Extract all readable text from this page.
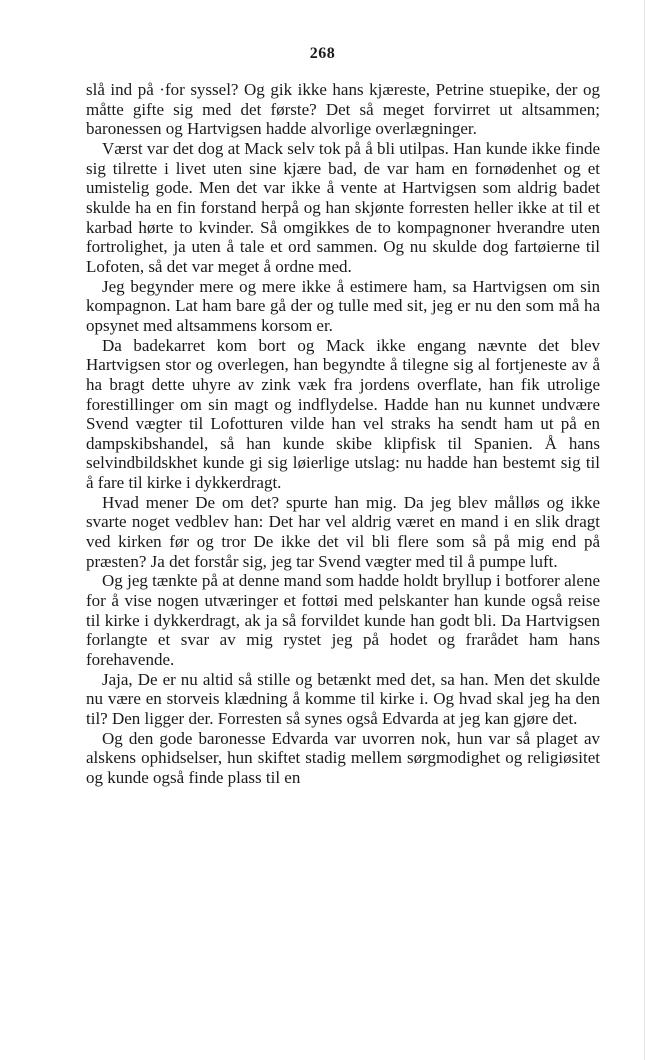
268

slå ind på ·for syssel? Og gik ikke hans kjæreste, Petrine stuepike, der og måtte gifte sig med det første? Det så meget forvirret ut altsammen; baronessen og Hartvigsen hadde alvorlige overlægninger.

Værst var det dog at Mack selv tok på å bli utilpas. Han kunde ikke finde sig tilrette i livet uten sine kjære bad, de var ham en fornødenhet og et umistelig gode. Men det var ikke å vente at Hartvigsen som aldrig badet skulde ha en fin forstand herpå og han skjønte forresten heller ikke at til et karbad hørte to kvinder. Så omgikkes de to kompagnoner hverandre uten fortrolighet, ja uten å tale et ord sammen. Og nu skulde dog fartøierne til Lofoten, så det var meget å ordne med.

Jeg begynder mere og mere ikke å estimere ham, sa Hartvigsen om sin kompagnon. Lat ham bare gå der og tulle med sit, jeg er nu den som må ha opsynet med altsammens korsom er.

Da badekarret kom bort og Mack ikke engang nævnte det blev Hartvigsen stor og overlegen, han begyndte å tilegne sig al fortjeneste av å ha bragt dette uhyre av zink væk fra jordens overflate, han fik utrolige forestillinger om sin magt og indflydelse. Hadde han nu kunnet undvære Svend vægter til Lofotturen vilde han vel straks ha sendt ham ut på en dampskibshandel, så han kunde skibe klipfisk til Spanien. Å hans selvindbildskhet kunde gi sig løierlige utslag: nu hadde han bestemt sig til å fare til kirke i dykkerdragt.

Hvad mener De om det? spurte han mig. Da jeg blev målløs og ikke svarte noget vedblev han: Det har vel aldrig været en mand i en slik dragt ved kirken før og tror De ikke det vil bli flere som så på mig end på præsten? Ja det forstår sig, jeg tar Svend vægter med til å pumpe luft.

Og jeg tænkte på at denne mand som hadde holdt bryllup i botforer alene for å vise nogen utværinger et fottøi med pelskanter han kunde også reise til kirke i dykkerdragt, ak ja så forvildet kunde han godt bli. Da Hartvigsen forlangte et svar av mig rystet jeg på hodet og frarådet ham hans forehavende.

Jaja, De er nu altid så stille og betænkt med det, sa han. Men det skulde nu være en storveis klædning å komme til kirke i. Og hvad skal jeg ha den til? Den ligger der. Forresten så synes også Edvarda at jeg kan gjøre det.

Og den gode baronesse Edvarda var uvorren nok, hun var så plaget av alskens ophidselser, hun skiftet stadig mellem sørgmodighet og religiøsitet og kunde også finde plass til en
